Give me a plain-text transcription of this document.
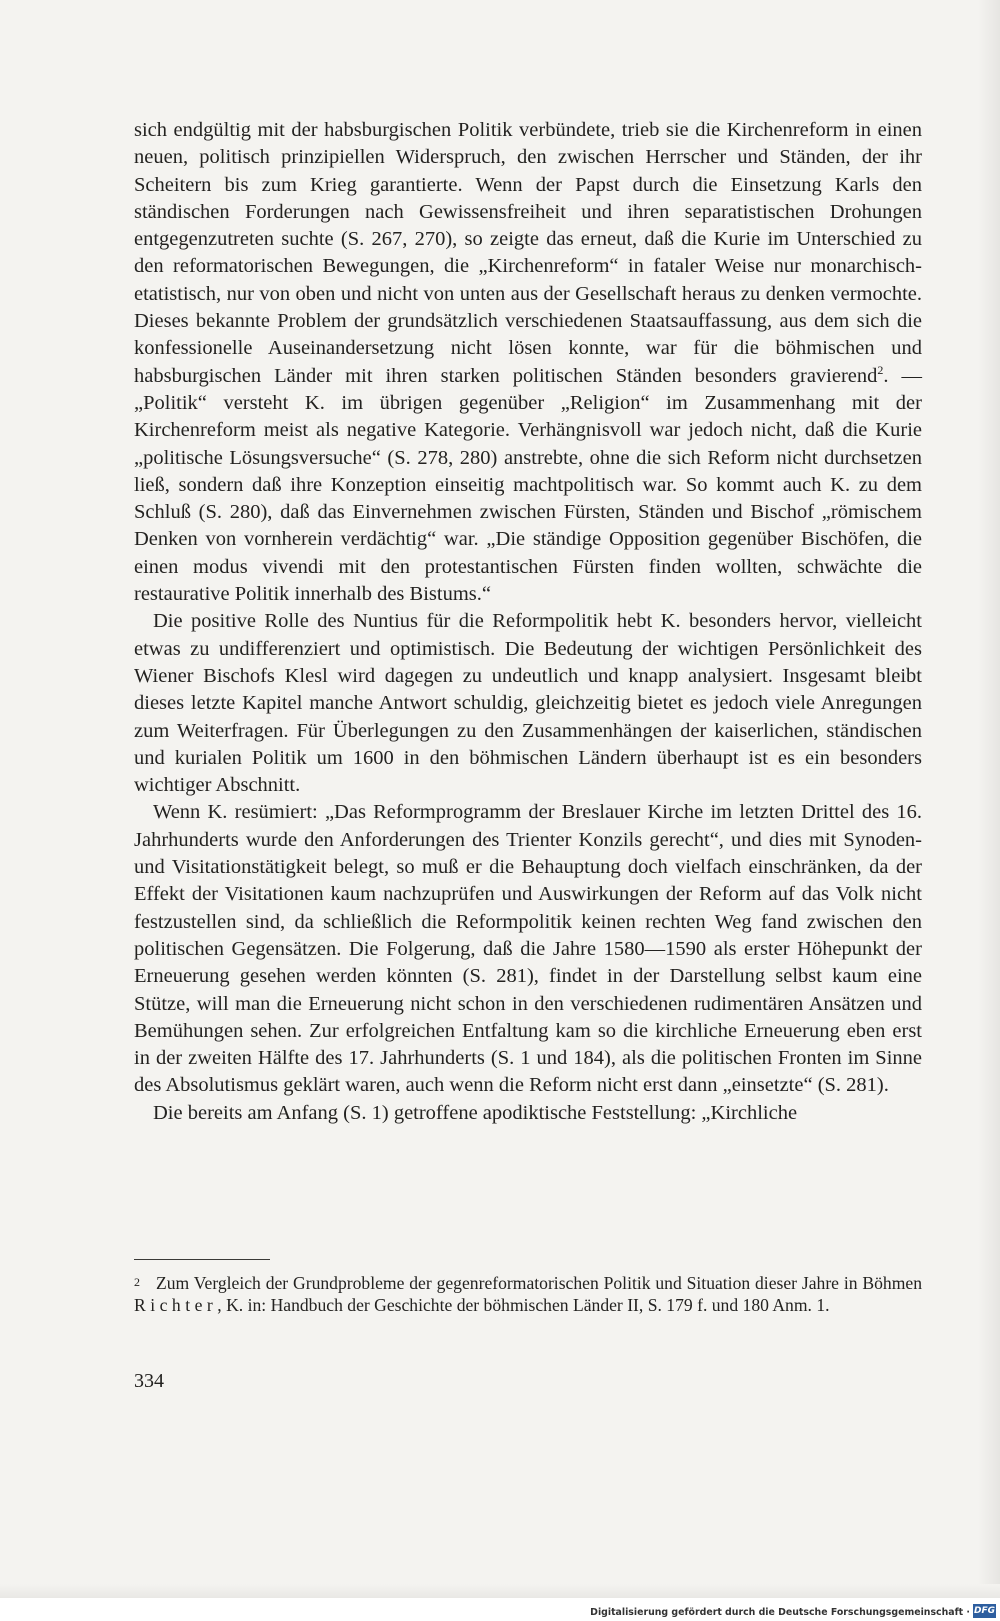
sich endgültig mit der habsburgischen Politik verbündete, trieb sie die Kirchenreform in einen neuen, politisch prinzipiellen Widerspruch, den zwischen Herrscher und Ständen, der ihr Scheitern bis zum Krieg garantierte. Wenn der Papst durch die Einsetzung Karls den ständischen Forderungen nach Gewissensfreiheit und ihren separatistischen Drohungen entgegenzutreten suchte (S. 267, 270), so zeigte das erneut, daß die Kurie im Unterschied zu den reformatorischen Bewegungen, die „Kirchenreform“ in fataler Weise nur monarchisch-etatistisch, nur von oben und nicht von unten aus der Gesellschaft heraus zu denken vermochte. Dieses bekannte Problem der grundsätzlich verschiedenen Staatsauffassung, aus dem sich die konfessionelle Auseinandersetzung nicht lösen konnte, war für die böhmischen und habsburgischen Länder mit ihren starken politischen Ständen besonders gravierend$^2$. — „Politik“ versteht K. im übrigen gegenüber „Religion“ im Zusammenhang mit der Kirchenreform meist als negative Kategorie. Verhängnisvoll war jedoch nicht, daß die Kurie „politische Lösungsversuche“ (S. 278, 280) anstrebte, ohne die sich Reform nicht durchsetzen ließ, sondern daß ihre Konzeption einseitig machtpolitisch war. So kommt auch K. zu dem Schluß (S. 280), daß das Einvernehmen zwischen Fürsten, Ständen und Bischof „römischem Denken von vornherein verdächtig“ war. „Die ständige Opposition gegenüber Bischöfen, die einen modus vivendi mit den protestantischen Fürsten finden wollten, schwächte die restaurative Politik innerhalb des Bistums.“

Die positive Rolle des Nuntius für die Reformpolitik hebt K. besonders hervor, vielleicht etwas zu undifferenziert und optimistisch. Die Bedeutung der wichtigen Persönlichkeit des Wiener Bischofs Klesl wird dagegen zu undeutlich und knapp analysiert. Insgesamt bleibt dieses letzte Kapitel manche Antwort schuldig, gleichzeitig bietet es jedoch viele Anregungen zum Weiterfragen. Für Überlegungen zu den Zusammenhängen der kaiserlichen, ständischen und kurialen Politik um 1600 in den böhmischen Ländern überhaupt ist es ein besonders wichtiger Abschnitt.

Wenn K. resümiert: „Das Reformprogramm der Breslauer Kirche im letzten Drittel des 16. Jahrhunderts wurde den Anforderungen des Trienter Konzils gerecht“, und dies mit Synoden- und Visitationstätigkeit belegt, so muß er die Behauptung doch vielfach einschränken, da der Effekt der Visitationen kaum nachzuprüfen und Auswirkungen der Reform auf das Volk nicht festzustellen sind, da schließlich die Reformpolitik keinen rechten Weg fand zwischen den politischen Gegensätzen. Die Folgerung, daß die Jahre 1580—1590 als erster Höhepunkt der Erneuerung gesehen werden könnten (S. 281), findet in der Darstellung selbst kaum eine Stütze, will man die Erneuerung nicht schon in den verschiedenen rudimentären Ansätzen und Bemühungen sehen. Zur erfolgreichen Entfaltung kam so die kirchliche Erneuerung eben erst in der zweiten Hälfte des 17. Jahrhunderts (S. 1 und 184), als die politischen Fronten im Sinne des Absolutismus geklärt waren, auch wenn die Reform nicht erst dann „einsetzte“ (S. 281).

Die bereits am Anfang (S. 1) getroffene apodiktische Feststellung: „Kirchliche

2 Zum Vergleich der Grundprobleme der gegenreformatorischen Politik und Situation dieser Jahre in Böhmen Richter, K. in: Handbuch der Geschichte der böhmischen Länder II, S. 179 f. und 180 Anm. 1.
334
Digitalisierung gefördert durch die Deutsche Forschungsgemeinschaft · DFG
